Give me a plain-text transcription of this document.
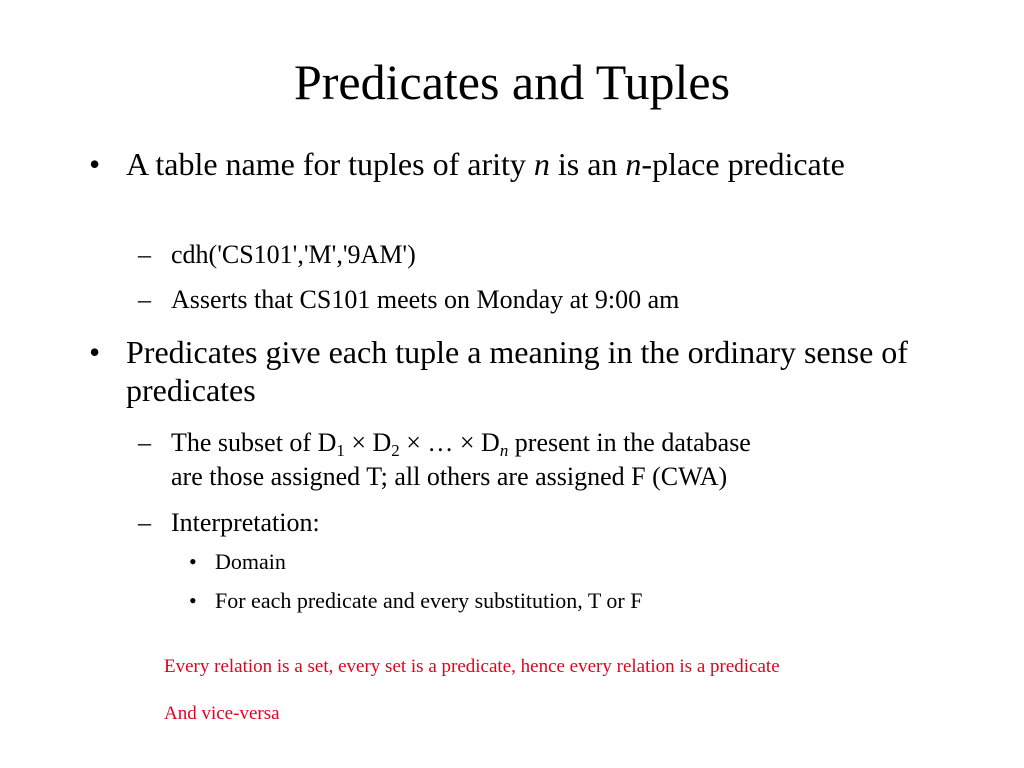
Predicates and Tuples
• A table name for tuples of arity n is an n-place predicate
– cdh('CS101','M','9AM')
– Asserts that CS101 meets on Monday at 9:00 am
• Predicates give each tuple a meaning in the ordinary sense of predicates
– The subset of $D_1 \times D_2$ × … × $D_n$ present in the database
are those assigned T; all others are assigned F (CWA)
– Interpretation:
• Domain
• For each predicate and every substitution, T or F
Every relation is a set, every set is a predicate, hence every relation is a predicate
And vice-versa
